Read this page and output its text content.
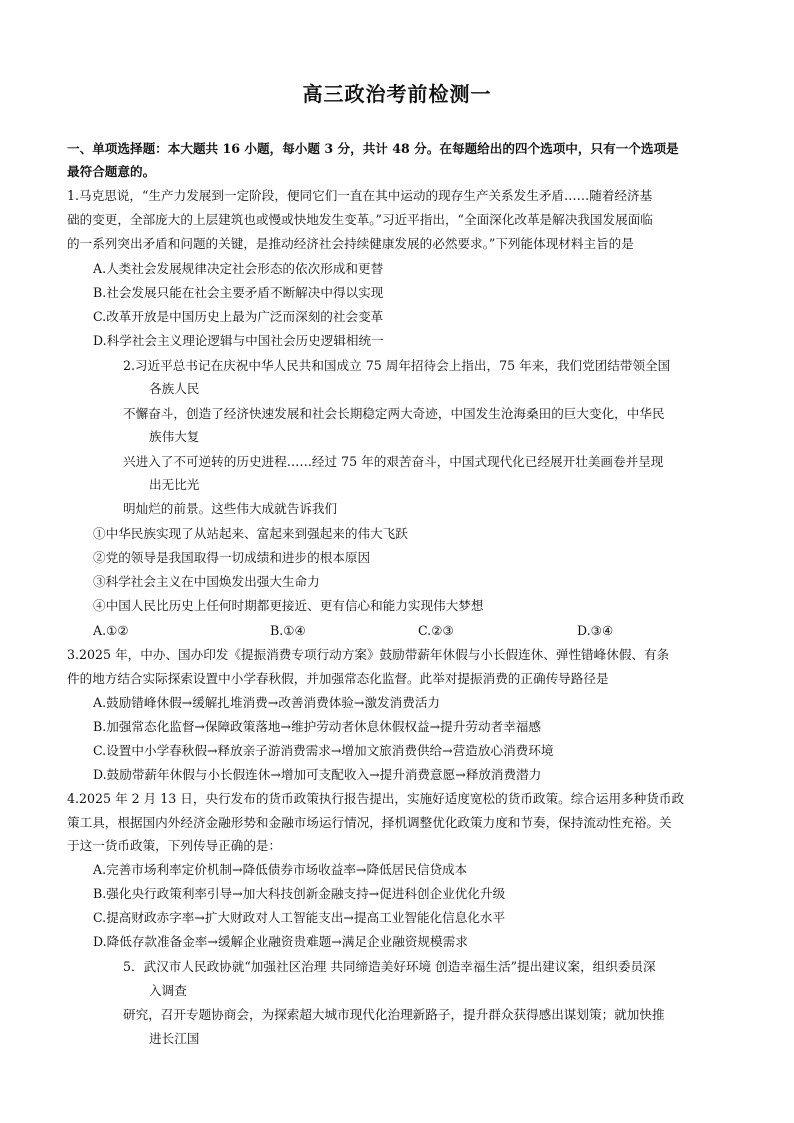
高三政治考前检测一
一、单项选择题：本大题共 16 小题，每小题 3 分，共计 48 分。在每题给出的四个选项中，只有一个选项是
最符合题意的。
1.马克思说，“生产力发展到一定阶段，便同它们一直在其中运动的现存生产关系发生矛盾……随着经济基
础的变更，全部庞大的上层建筑也或慢或快地发生变革。”习近平指出，“全面深化改革是解决我国发展面临
的一系列突出矛盾和问题的关键，是推动经济社会持续健康发展的必然要求。”下列能体现材料主旨的是
A.人类社会发展规律决定社会形态的依次形成和更替
B.社会发展只能在社会主要矛盾不断解决中得以实现
C.改革开放是中国历史上最为广泛而深刻的社会变革
D.科学社会主义理论逻辑与中国社会历史逻辑相统一
2.习近平总书记在庆祝中华人民共和国成立 75 周年招待会上指出，75 年来，我们党团结带领全国
各族人民
不懈奋斗，创造了经济快速发展和社会长期稳定两大奇迹，中国发生沧海桑田的巨大变化，中华民
族伟大复
兴进入了不可逆转的历史进程……经过 75 年的艰苦奋斗，中国式现代化已经展开壮美画卷并呈现
出无比光
明灿烂的前景。这些伟大成就告诉我们
①中华民族实现了从站起来、富起来到强起来的伟大飞跃
②党的领导是我国取得一切成绩和进步的根本原因
③科学社会主义在中国焕发出强大生命力
④中国人民比历史上任何时期都更接近、更有信心和能力实现伟大梦想
A.①②	B.①④	C.②③	D.③④
3.2025 年，中办、国办印发《提振消费专项行动方案》鼓励带薪年休假与小长假连休、弹性错峰休假、有条
件的地方结合实际探索设置中小学春秋假，并加强常态化监督。此举对提振消费的正确传导路径是
A.鼓励错峰休假→缓解扎堆消费→改善消费体验→激发消费活力
B.加强常态化监督→保障政策落地→维护劳动者休息休假权益→提升劳动者幸福感
C.设置中小学春秋假→释放亲子游消费需求→增加文旅消费供给→营造放心消费环境
D.鼓励带薪年休假与小长假连休→增加可支配收入→提升消费意愿→释放消费潜力
4.2025 年 2 月 13 日，央行发布的货币政策执行报告提出，实施好适度宽松的货币政策。综合运用多种货币政
策工具，根据国内外经济金融形势和金融市场运行情况，择机调整优化政策力度和节奏，保持流动性充裕。关
于这一货币政策，下列传导正确的是：
A.完善市场利率定价机制→降低债券市场收益率→降低居民信贷成本
B.强化央行政策利率引导→加大科技创新金融支持→促进科创企业优化升级
C.提高财政赤字率→扩大财政对人工智能支出→提高工业智能化信息化水平
D.降低存款准备金率→缓解企业融资贵难题→满足企业融资规模需求
5．武汉市人民政协就“加强社区治理 共同缔造美好环境 创造幸福生活”提出建议案，组织委员深
入调查
研究，召开专题协商会，为探索超大城市现代化治理新路子，提升群众获得感出谋划策；就加快推
进长江国
